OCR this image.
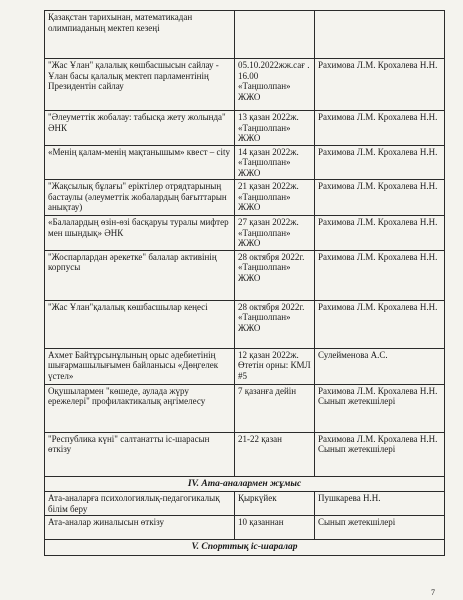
Қазақстан тарихынан, математикадан олимпиаданың мектеп кезеңі		
"Жас Ұлан" қалалық көшбасшысын сайлау - Ұлан басы қалалық мектеп парламентінің Президентін сайлау	05.10.2022жж.сағ . 16.00 «Таңшолпан» ЖЖО	Рахимова Л.М. Крохалева Н.Н.
"Әлеуметтік жобалау: табысқа жету жолында" ӘНК	13 қазан 2022ж. «Таңшолпан» ЖЖО	Рахимова Л.М. Крохалева Н.Н.
«Менің қалам-менің мақтанышым» квест – city	14 қазан 2022ж. «Таңшолпан» ЖЖО	Рахимова Л.М. Крохалева Н.Н.
"Жақсылық бұлағы" еріктілер отрядтарының бастаулы (әлеуметтік жобалардың бағыттарын анықтау)	21 қазан 2022ж. «Таңшолпан» ЖЖО	Рахимова Л.М. Крохалева Н.Н.
«Балалардың өзін-өзі басқаруы туралы мифтер мен шындық» ӘНК	27 қазан 2022ж. «Таңшолпан» ЖЖО	Рахимова Л.М. Крохалева Н.Н.
"Жоспарлардан әрекетке" балалар активінің корпусы	28 октября 2022г. «Таңшолпан» ЖЖО	Рахимова Л.М. Крохалева Н.Н.
"Жас Ұлан"қалалық көшбасшылар кеңесі	28 октября 2022г. «Таңшолпан» ЖЖО	Рахимова Л.М. Крохалева Н.Н.
Ахмет Байтұрсынұлының орыс әдебиетінің шығармашылығымен байланысы «Дөңгелек үстел»	12 қазан 2022ж. Өтетін орны: КМЛ #5	Сулейменова А.С.
Оқушылармен "көшеде, аулада жүру ережелері" профилактикалық әңгімелесу	7 қазанға дейін	Рахимова Л.М. Крохалева Н.Н. Сынып жетекшілері
"Республика күні" салтанатты іс-шарасын өткізу	21-22 қазан	Рахимова Л.М. Крохалева Н.Н. Сынып жетекшілері
IV. Ата-аналармен жұмыс		
Ата-аналарға психологиялық-педагогикалық білім беру	Қыркүйек	Пушкарева Н.Н.
Ата-аналар жиналысын өткізу	10 қазаннан	Сынып жетекшілері
V. Спорттық іс-шаралар		
7
